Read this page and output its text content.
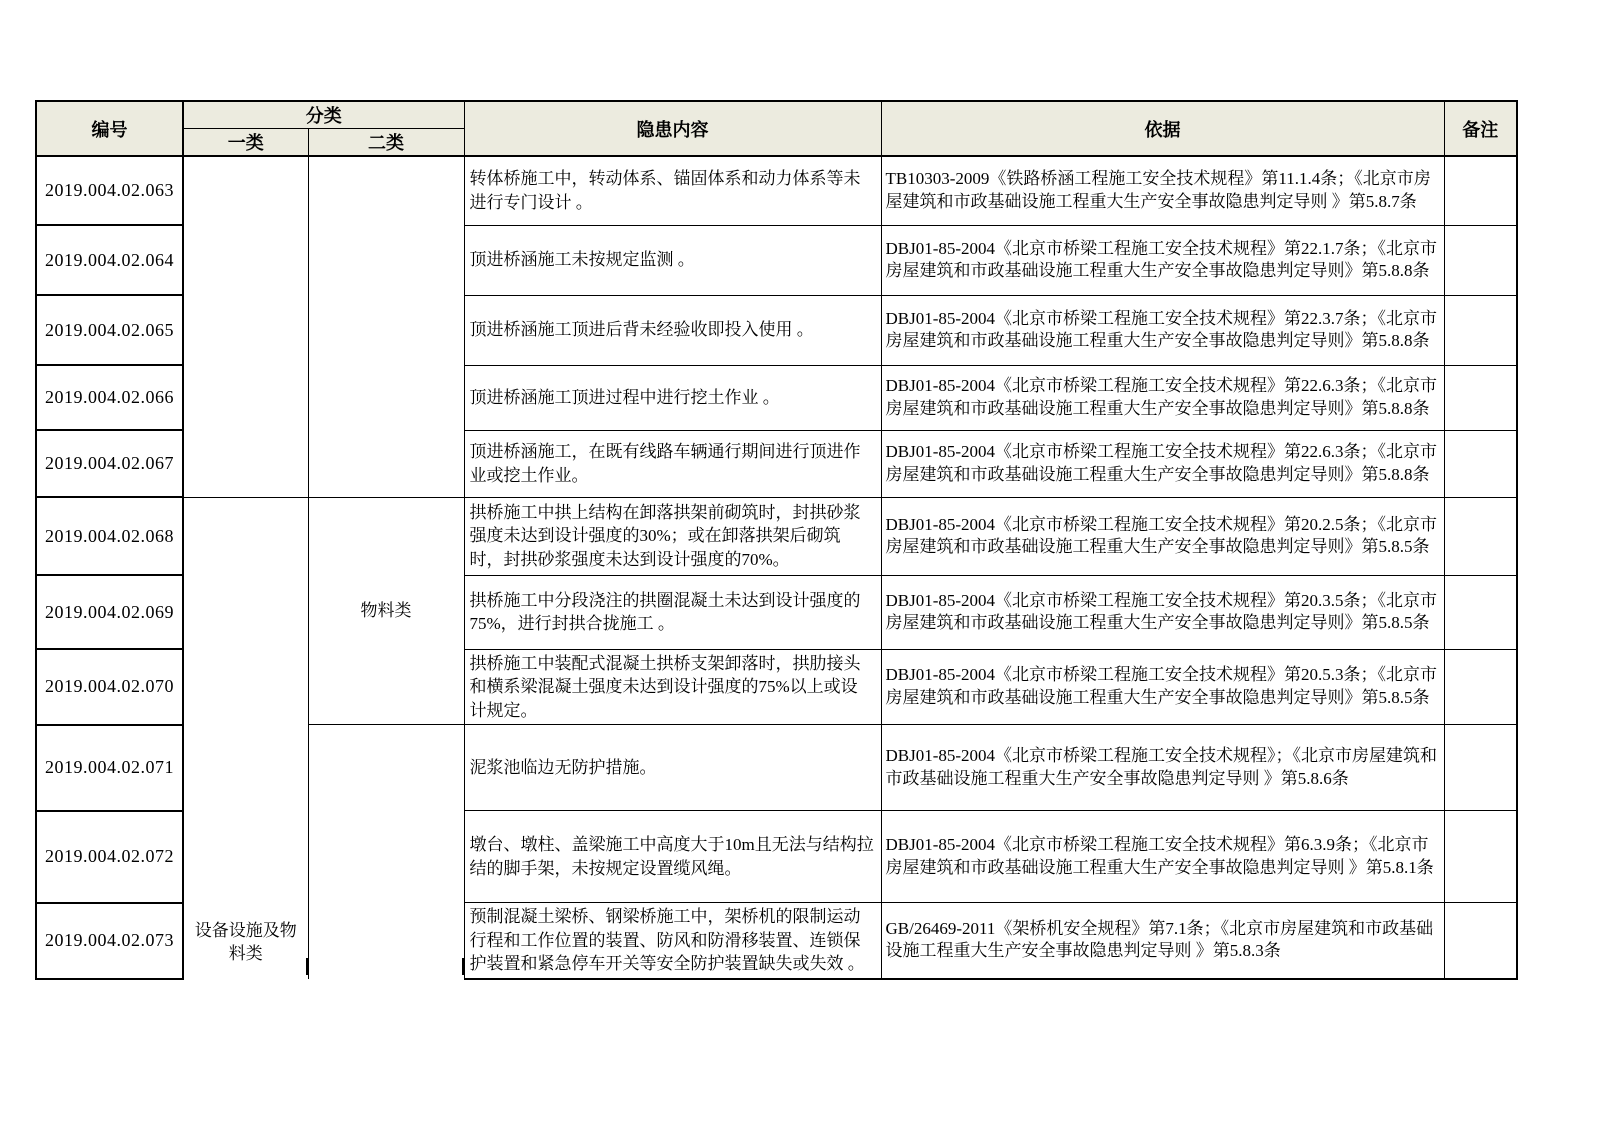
编号	分类		隐患内容	依据	备注
	一类	二类			
2019.004.02.063			转体桥施工中，转动体系、锚固体系和动力体系等未进行专门设计 。	TB10303-2009《铁路桥涵工程施工安全技术规程》第11.1.4条；《北京市房屋建筑和市政基础设施工程重大生产安全事故隐患判定导则 》第5.8.7条	
2019.004.02.064			顶进桥涵施工未按规定监测 。	DBJ01-85-2004《北京市桥梁工程施工安全技术规程》第22.1.7条；《北京市房屋建筑和市政基础设施工程重大生产安全事故隐患判定导则》第5.8.8条	
2019.004.02.065			顶进桥涵施工顶进后背未经验收即投入使用 。	DBJ01-85-2004《北京市桥梁工程施工安全技术规程》第22.3.7条；《北京市房屋建筑和市政基础设施工程重大生产安全事故隐患判定导则》第5.8.8条	
2019.004.02.066			顶进桥涵施工顶进过程中进行挖土作业 。	DBJ01-85-2004《北京市桥梁工程施工安全技术规程》第22.6.3条；《北京市房屋建筑和市政基础设施工程重大生产安全事故隐患判定导则》第5.8.8条	
2019.004.02.067			顶进桥涵施工，在既有线路车辆通行期间进行顶进作业或挖土作业。	DBJ01-85-2004《北京市桥梁工程施工安全技术规程》第22.6.3条；《北京市房屋建筑和市政基础设施工程重大生产安全事故隐患判定导则》第5.8.8条	
2019.004.02.068	设备设施及物料类	物料类	拱桥施工中拱上结构在卸落拱架前砌筑时，封拱砂浆强度未达到设计强度的30%；或在卸落拱架后砌筑时，封拱砂浆强度未达到设计强度的70%。	DBJ01-85-2004《北京市桥梁工程施工安全技术规程》第20.2.5条；《北京市房屋建筑和市政基础设施工程重大生产安全事故隐患判定导则》第5.8.5条	
2019.004.02.069			拱桥施工中分段浇注的拱圈混凝土未达到设计强度的75%，进行封拱合拢施工 。	DBJ01-85-2004《北京市桥梁工程施工安全技术规程》第20.3.5条；《北京市房屋建筑和市政基础设施工程重大生产安全事故隐患判定导则》第5.8.5条	
2019.004.02.070			拱桥施工中装配式混凝土拱桥支架卸落时，拱肋接头和横系梁混凝土强度未达到设计强度的75%以上或设计规定。	DBJ01-85-2004《北京市桥梁工程施工安全技术规程》第20.5.3条；《北京市房屋建筑和市政基础设施工程重大生产安全事故隐患判定导则》第5.8.5条	
2019.004.02.071			泥浆池临边无防护措施。	DBJ01-85-2004《北京市桥梁工程施工安全技术规程》；《北京市房屋建筑和市政基础设施工程重大生产安全事故隐患判定导则 》第5.8.6条	
2019.004.02.072			墩台、墩柱、盖梁施工中高度大于10m且无法与结构拉结的脚手架，未按规定设置缆风绳。	DBJ01-85-2004《北京市桥梁工程施工安全技术规程》第6.3.9条；《北京市房屋建筑和市政基础设施工程重大生产安全事故隐患判定导则 》第5.8.1条	
2019.004.02.073			预制混凝土梁桥、钢梁桥施工中，架桥机的限制运动行程和工作位置的装置、防风和防滑移装置、连锁保护装置和紧急停车开关等安全防护装置缺失或失效 。	GB/26469-2011《架桥机安全规程》第7.1条；《北京市房屋建筑和市政基础设施工程重大生产安全事故隐患判定导则 》第5.8.3条	
